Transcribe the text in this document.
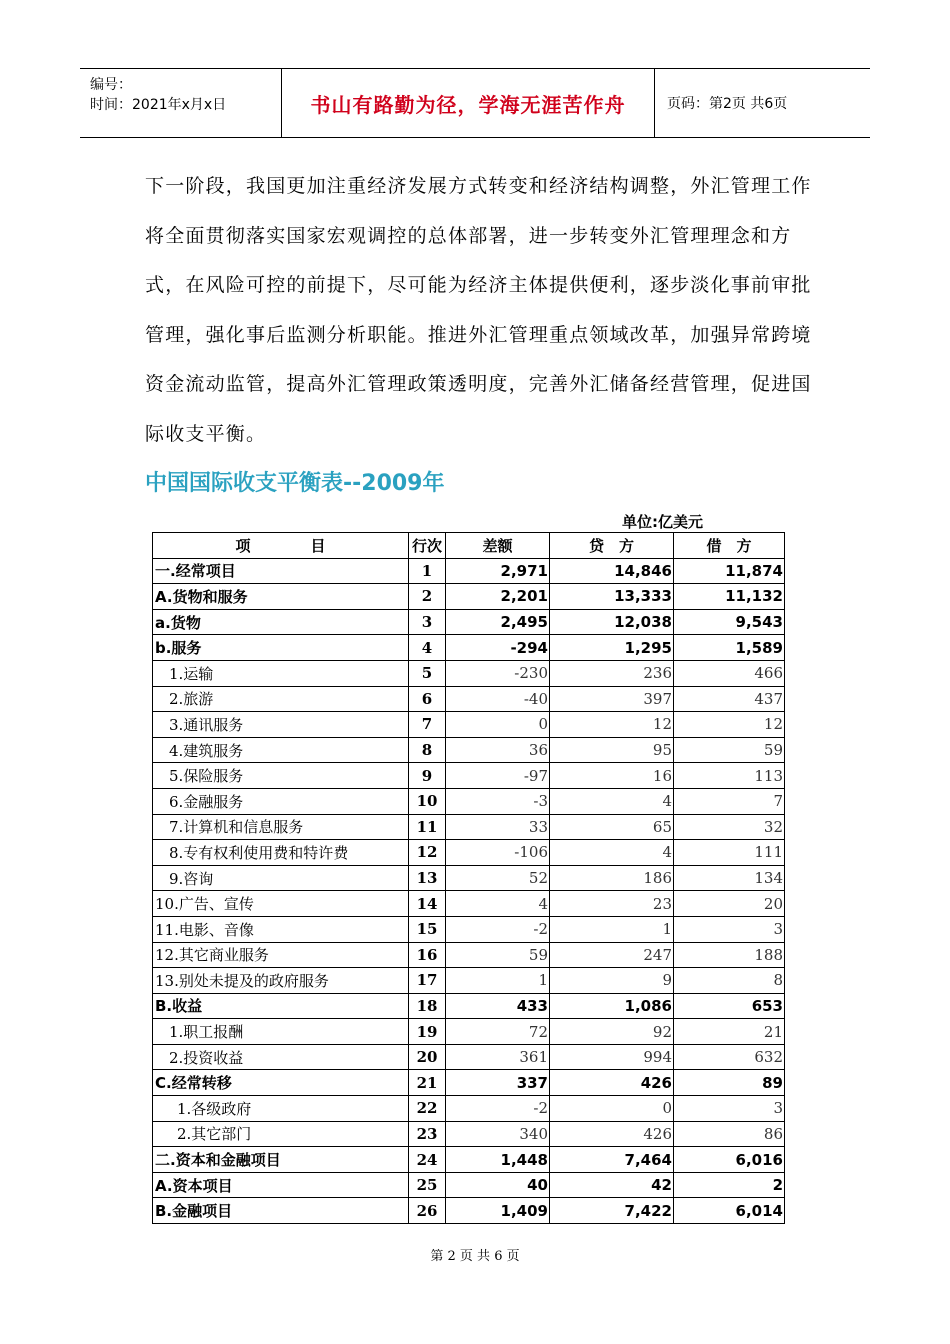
编号：
时间：2021年x月x日	书山有路勤为径，学海无涯苦作舟	页码：第2页 共6页

下一阶段，我国更加注重经济发展方式转变和经济结构调整，外汇管理工作将全面贯彻落实国家宏观调控的总体部署，进一步转变外汇管理理念和方式，在风险可控的前提下，尽可能为经济主体提供便利，逐步淡化事前审批管理，强化事后监测分析职能。推进外汇管理重点领域改革，加强异常跨境资金流动监管，提高外汇管理政策透明度，完善外汇储备经营管理，促进国际收支平衡。

中国国际收支平衡表--2009年
单位:亿美元
项　　　　目	行次	差额	贷　方	借　方
一.经常项目	1	2,971	14,846	11,874
A.货物和服务	2	2,201	13,333	11,132
a.货物	3	2,495	12,038	9,543
b.服务	4	-294	1,295	1,589
1.运输	5	-230	236	466
2.旅游	6	-40	397	437
3.通讯服务	7	0	12	12
4.建筑服务	8	36	95	59
5.保险服务	9	-97	16	113
6.金融服务	10	-3	4	7
7.计算机和信息服务	11	33	65	32
8.专有权利使用费和特许费	12	-106	4	111
9.咨询	13	52	186	134
10.广告、宣传	14	4	23	20
11.电影、音像	15	-2	1	3
12.其它商业服务	16	59	247	188
13.别处未提及的政府服务	17	1	9	8
B.收益	18	433	1,086	653
1.职工报酬	19	72	92	21
2.投资收益	20	361	994	632
C.经常转移	21	337	426	89
1.各级政府	22	-2	0	3
2.其它部门	23	340	426	86
二.资本和金融项目	24	1,448	7,464	6,016
A.资本项目	25	40	42	2
B.金融项目	26	1,409	7,422	6,014
第 2 页 共 6 页
